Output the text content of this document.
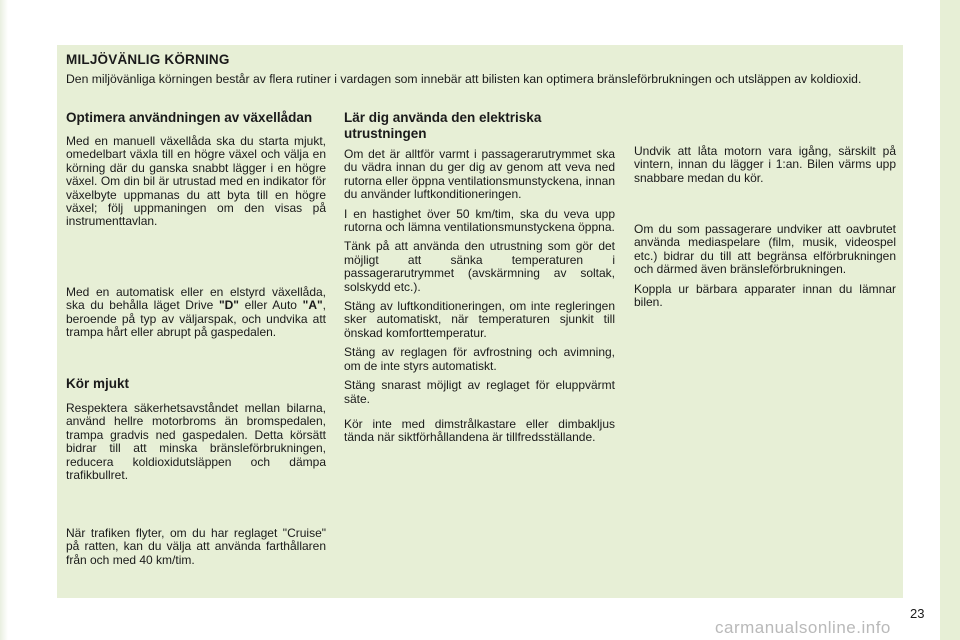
MILJÖVÄNLIG KÖRNING

Den miljövänliga körningen består av flera rutiner i vardagen som innebär att bilisten kan optimera bränsleförbrukningen och utsläppen av koldioxid.

Optimera användningen av växellådan

Med en manuell växellåda ska du starta mjukt, omedelbart växla till en högre växel och välja en körning där du ganska snabbt lägger i en högre växel. Om din bil är utrustad med en indikator för växelbyte uppmanas du att byta till en högre växel; följ uppmaningen om den visas på instrumenttavlan.

Med en automatisk eller en elstyrd växellåda, ska du behålla läget Drive "D" eller Auto "A", beroende på typ av väljarspak, och undvika att trampa hårt eller abrupt på gaspedalen.

Kör mjukt

Respektera säkerhetsavståndet mellan bilarna, använd hellre motorbroms än bromspedalen, trampa gradvis ned gaspedalen. Detta körsätt bidrar till att minska bränsleförbrukningen, reducera koldioxidutsläppen och dämpa trafikbullret.

När trafiken flyter, om du har reglaget "Cruise" på ratten, kan du välja att använda farthållaren från och med 40 km/tim.

Lär dig använda den elektriska utrustningen

Om det är alltför varmt i passagerarutrymmet ska du vädra innan du ger dig av genom att veva ned rutorna eller öppna ventilationsmunstyckena, innan du använder luftkonditioneringen.

I en hastighet över 50 km/tim, ska du veva upp rutorna och lämna ventilationsmunstyckena öppna.

Tänk på att använda den utrustning som gör det möjligt att sänka temperaturen i passagerarutrymmet (avskärmning av soltak, solskydd etc.).

Stäng av luftkonditioneringen, om inte regleringen sker automatiskt, när temperaturen sjunkit till önskad komforttemperatur.

Stäng av reglagen för avfrostning och avimning, om de inte styrs automatiskt.

Stäng snarast möjligt av reglaget för eluppvärmt säte.

Kör inte med dimstrålkastare eller dimbakljus tända när siktförhållandena är tillfredsställande.

Undvik att låta motorn vara igång, särskilt på vintern, innan du lägger i 1:an. Bilen värms upp snabbare medan du kör.

Om du som passagerare undviker att oavbrutet använda mediaspelare (film, musik, videospel etc.) bidrar du till att begränsa elförbrukningen och därmed även bränsleförbrukningen.

Koppla ur bärbara apparater innan du lämnar bilen.

23
carmanualsonline.info
